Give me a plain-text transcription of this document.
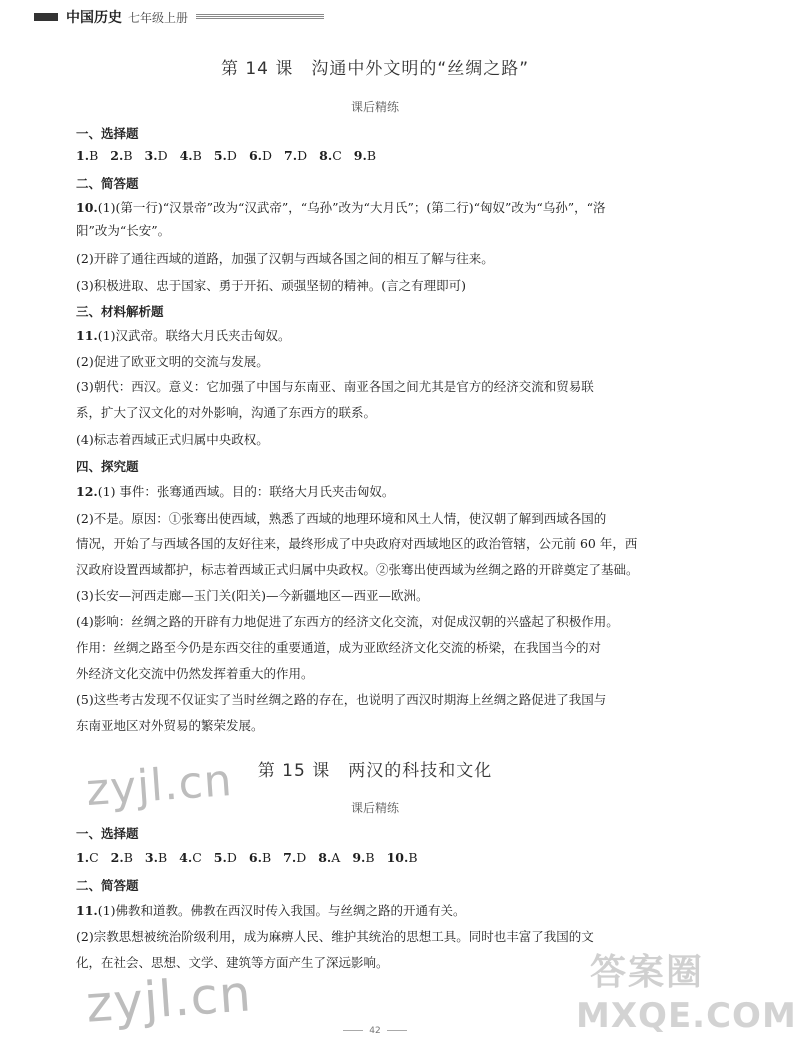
中国历史 七年级上册
第 14 课 沟通中外文明的“丝绸之路”
课后精练
一、选择题
1.B 2.B 3.D 4.B 5.D 6.D 7.D 8.C 9.B
二、简答题
10.(1)(第一行)“汉景帝”改为“汉武帝”，“乌孙”改为“大月氏”；(第二行)“匈奴”改为“乌孙”，“洛
阳”改为“长安”。
(2)开辟了通往西域的道路，加强了汉朝与西域各国之间的相互了解与往来。
(3)积极进取、忠于国家、勇于开拓、顽强坚韧的精神。(言之有理即可)
三、材料解析题
11.(1)汉武帝。联络大月氏夹击匈奴。
(2)促进了欧亚文明的交流与发展。
(3)朝代：西汉。意义：它加强了中国与东南亚、南亚各国之间尤其是官方的经济交流和贸易联
系，扩大了汉文化的对外影响，沟通了东西方的联系。
(4)标志着西域正式归属中央政权。
四、探究题
12.(1) 事件：张骞通西域。目的：联络大月氏夹击匈奴。
(2)不是。原因：①张骞出使西域，熟悉了西域的地理环境和风土人情，使汉朝了解到西域各国的
情况，开始了与西域各国的友好往来，最终形成了中央政府对西域地区的政治管辖，公元前 60 年，西
汉政府设置西域都护，标志着西域正式归属中央政权。②张骞出使西域为丝绸之路的开辟奠定了基础。
(3)长安—河西走廊—玉门关(阳关)—今新疆地区—西亚—欧洲。
(4)影响：丝绸之路的开辟有力地促进了东西方的经济文化交流，对促成汉朝的兴盛起了积极作用。
作用：丝绸之路至今仍是东西交往的重要通道，成为亚欧经济文化交流的桥梁，在我国当今的对
外经济文化交流中仍然发挥着重大的作用。
(5)这些考古发现不仅证实了当时丝绸之路的存在，也说明了西汉时期海上丝绸之路促进了我国与
东南亚地区对外贸易的繁荣发展。
zyjl.cn	第 15 课 两汉的科技和文化
课后精练
一、选择题
1.C 2.B 3.B 4.C 5.D 6.B 7.D 8.A 9.B 10.B
二、简答题
11.(1)佛教和道教。佛教在西汉时传入我国。与丝绸之路的开通有关。
(2)宗教思想被统治阶级利用，成为麻痹人民、维护其统治的思想工具。同时也丰富了我国的文
化，在社会、思想、文学、建筑等方面产生了深远影响。
zyjl.cn	答案圈
MXQE.COM
42
